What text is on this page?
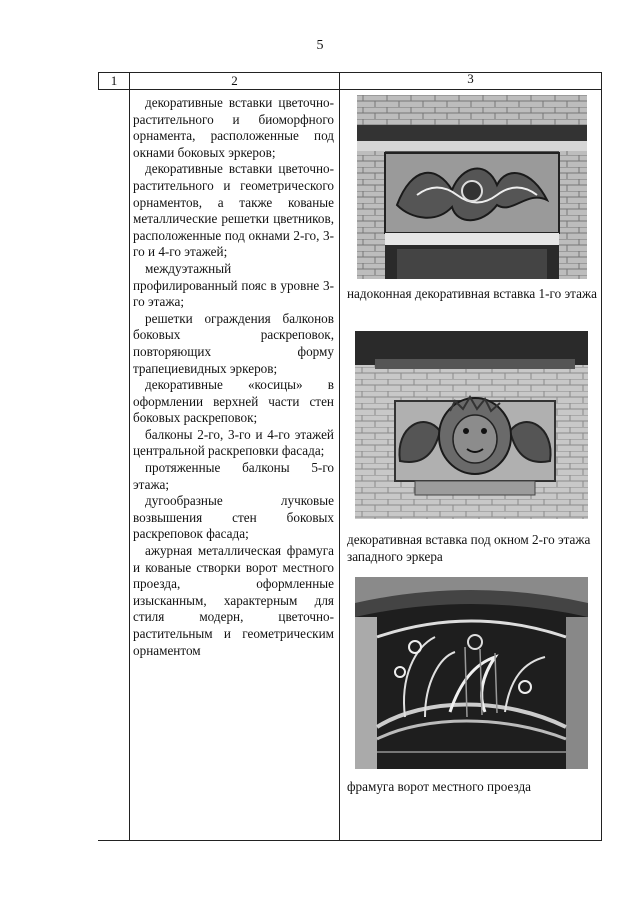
5
1	2	3

декоративные вставки цветочно-растительного и биоморфного орнамента, расположенные под окнами боковых эркеров;

декоративные вставки цветочно-растительного и геометрического орнаментов, а также кованые металлические решетки цветников, расположенные под окнами 2-го, 3-го и 4-го этажей;

междуэтажный профилированный пояс в уровне 3-го этажа;

решетки ограждения балконов боковых раскреповок, повторяющих форму трапециевидных эркеров;

декоративные «косицы» в оформлении верхней части стен боковых раскреповок;

балконы 2-го, 3-го и 4-го этажей центральной раскреповки фасада;

протяженные балконы 5-го этажа;

дугообразные лучковые возвышения стен боковых раскреповок фасада;

ажурная металлическая фрамуга и кованые створки ворот местного проезда, оформленные изысканным, характерным для стиля модерн, цветочно-растительным и геометрическим орнаментом

надоконная декоративная вставка 1-го этажа
декоративная вставка под окном 2-го этажа западного эркера
фрамуга ворот местного проезда
